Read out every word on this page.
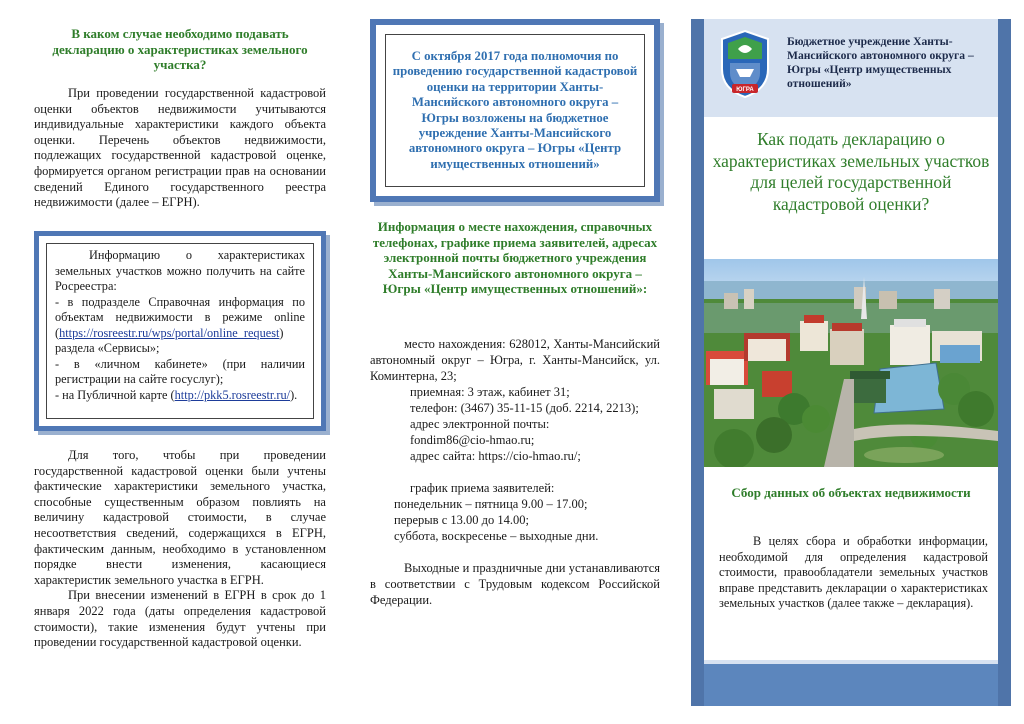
В каком случае необходимо подавать декларацию о характеристиках земельного участка?

При проведении государственной кадастровой оценки объектов недвижимости учитываются индивидуальные характеристики каждого объекта оценки. Перечень объектов недвижимости, подлежащих государственной кадастровой оценке, формируется органом регистрации прав на основании сведений Единого государственного реестра недвижимости (далее – ЕГРН).

Информацию о характеристиках земельных участков можно получить на сайте Росреестра:

- в подразделе Справочная информация по объектам недвижимости в режиме online (https://rosreestr.ru/wps/portal/online_request) раздела «Сервисы»;

- в «личном кабинете» (при наличии регистрации на сайте госуслуг);

- на Публичной карте (http://pkk5.rosreestr.ru/).

Для того, чтобы при проведении государственной кадастровой оценки были учтены фактические характеристики земельного участка, способные существенным образом повлиять на величину кадастровой стоимости, в случае несоответствия сведений, содержащихся в ЕГРН, фактическим данным, необходимо в установленном порядке внести изменения, касающиеся характеристик земельного участка в ЕГРН.

При внесении изменений в ЕГРН в срок до 1 января 2022 года (даты определения кадастровой стоимости), такие изменения будут учтены при проведении государственной кадастровой оценки.

С октября 2017 года полномочия по проведению государственной кадастровой оценки на территории Ханты-Мансийского автономного округа – Югры возложены на бюджетное учреждение Ханты-Мансийского автономного округа – Югры «Центр имущественных отношений»

Информация о месте нахождения, справочных телефонах, графике приема заявителей, адресах электронной почты бюджетного учреждения Ханты-Мансийского автономного округа – Югры «Центр имущественных отношений»:

место нахождения: 628012, Ханты-Мансийский автономный округ – Югра, г. Ханты-Мансийск, ул. Коминтерна, 23;

приемная: 3 этаж, кабинет 31;

телефон: (3467) 35-11-15 (доб. 2214, 2213);

адрес электронной почты:

fondim86@cio-hmao.ru;

адрес сайта: https://cio-hmao.ru/;

график приема заявителей:

понедельник – пятница 9.00 – 17.00;

перерыв с 13.00 до 14.00;

суббота, воскресенье – выходные дни.

Выходные и праздничные дни устанавливаются в соответствии с Трудовым кодексом Российской Федерации.

ЮГРА
Бюджетное учреждение Ханты-Мансийского автономного округа – Югры «Центр имущественных отношений»
Как подать декларацию о характеристиках земельных участков для целей государственной кадастровой оценки?

Сбор данных об объектах недвижимости

В целях сбора и обработки информации, необходимой для определения кадастровой стоимости, правообладатели земельных участков вправе представить декларации о характеристиках земельных участков (далее также – декларация).
